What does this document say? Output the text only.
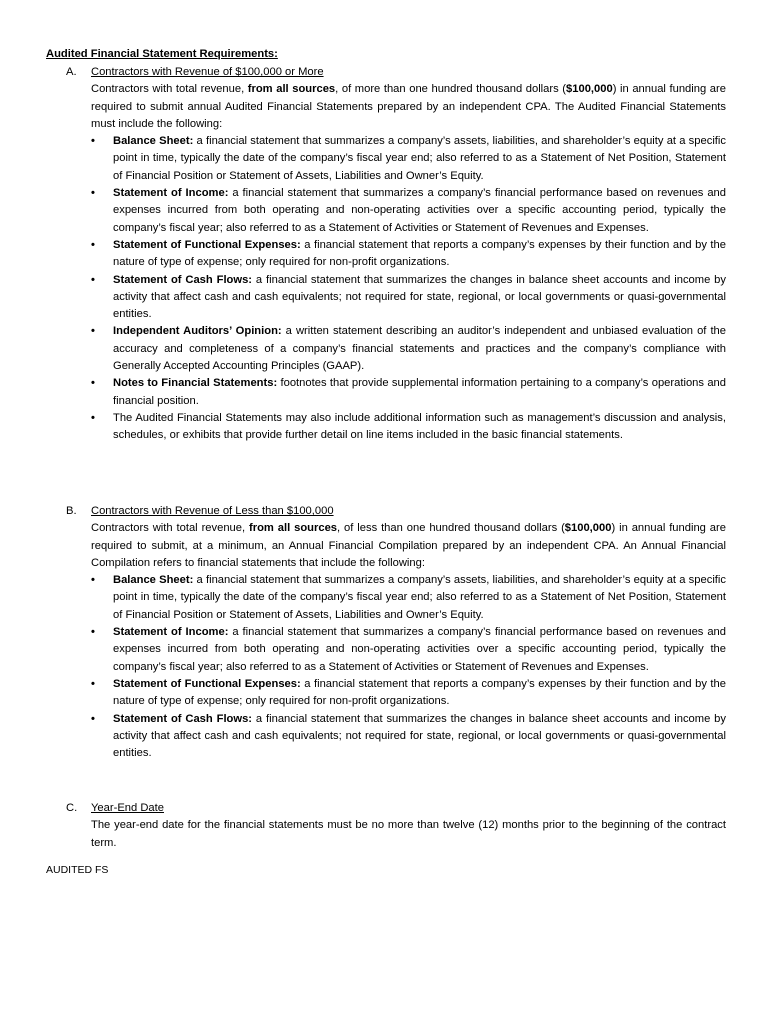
Audited Financial Statement Requirements:
A. Contractors with Revenue of $100,000 or More
Contractors with total revenue, from all sources, of more than one hundred thousand dollars ($100,000) in annual funding are required to submit annual Audited Financial Statements prepared by an independent CPA. The Audited Financial Statements must include the following:
• Balance Sheet: a financial statement that summarizes a company’s assets, liabilities, and shareholder’s equity at a specific point in time, typically the date of the company’s fiscal year end; also referred to as a Statement of Net Position, Statement of Financial Position or Statement of Assets, Liabilities and Owner’s Equity.
• Statement of Income: a financial statement that summarizes a company’s financial performance based on revenues and expenses incurred from both operating and non-operating activities over a specific accounting period, typically the company’s fiscal year; also referred to as a Statement of Activities or Statement of Revenues and Expenses.
• Statement of Functional Expenses: a financial statement that reports a company’s expenses by their function and by the nature of type of expense; only required for non-profit organizations.
• Statement of Cash Flows: a financial statement that summarizes the changes in balance sheet accounts and income by activity that affect cash and cash equivalents; not required for state, regional, or local governments or quasi-governmental entities.
• Independent Auditors’ Opinion: a written statement describing an auditor’s independent and unbiased evaluation of the accuracy and completeness of a company’s financial statements and practices and the company’s compliance with Generally Accepted Accounting Principles (GAAP).
• Notes to Financial Statements: footnotes that provide supplemental information pertaining to a company’s operations and financial position.
• The Audited Financial Statements may also include additional information such as management’s discussion and analysis, schedules, or exhibits that provide further detail on line items included in the basic financial statements.
B. Contractors with Revenue of Less than $100,000
Contractors with total revenue, from all sources, of less than one hundred thousand dollars ($100,000) in annual funding are required to submit, at a minimum, an Annual Financial Compilation prepared by an independent CPA. An Annual Financial Compilation refers to financial statements that include the following:
• Balance Sheet: a financial statement that summarizes a company’s assets, liabilities, and shareholder’s equity at a specific point in time, typically the date of the company’s fiscal year end; also referred to as a Statement of Net Position, Statement of Financial Position or Statement of Assets, Liabilities and Owner’s Equity.
• Statement of Income: a financial statement that summarizes a company’s financial performance based on revenues and expenses incurred from both operating and non-operating activities over a specific accounting period, typically the company’s fiscal year; also referred to as a Statement of Activities or Statement of Revenues and Expenses.
• Statement of Functional Expenses: a financial statement that reports a company’s expenses by their function and by the nature of type of expense; only required for non-profit organizations.
• Statement of Cash Flows: a financial statement that summarizes the changes in balance sheet accounts and income by activity that affect cash and cash equivalents; not required for state, regional, or local governments or quasi-governmental entities.
C. Year-End Date
The year-end date for the financial statements must be no more than twelve (12) months prior to the beginning of the contract term.
AUDITED FS
